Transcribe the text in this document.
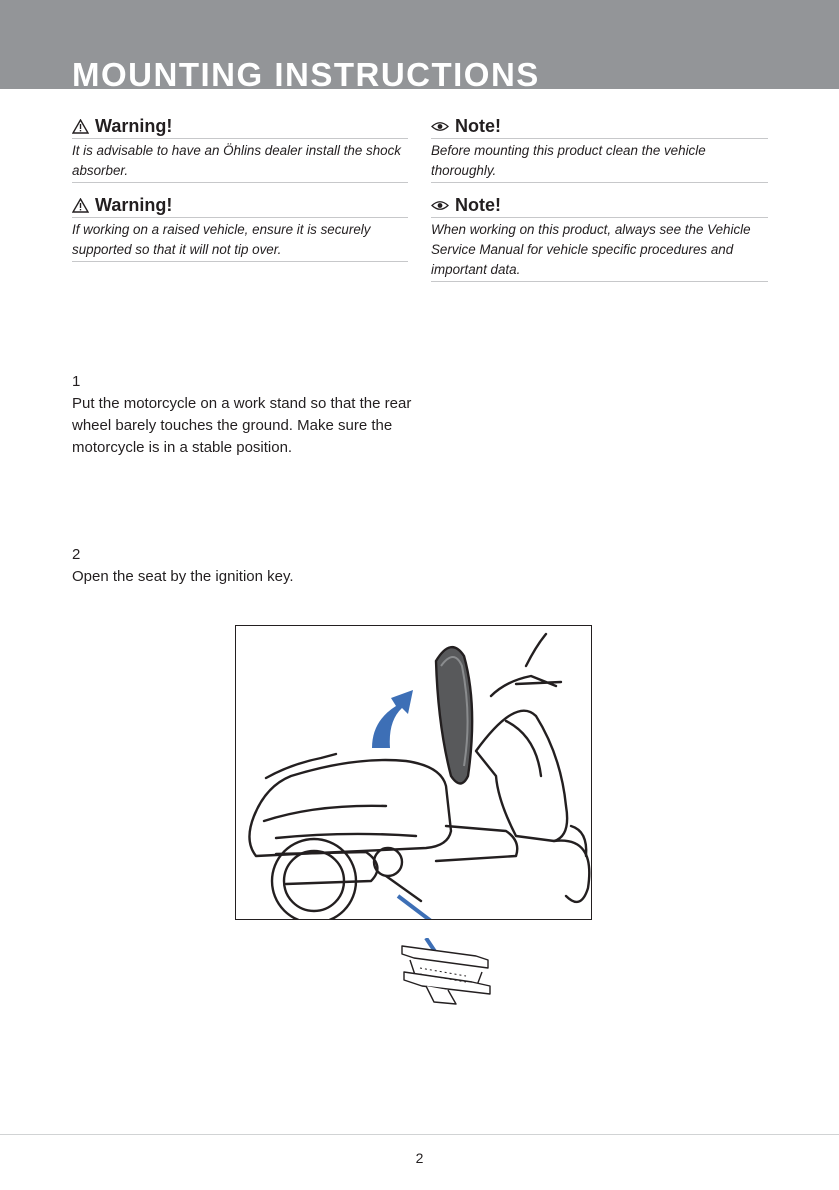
MOUNTING INSTRUCTIONS
Warning!
It is advisable to have an Öhlins dealer install the shock absorber.
Warning!
If working on a raised vehicle, ensure it is securely supported so that it will not tip over.
Note!
Before mounting this product clean the vehicle thoroughly.
Note!
When working on this product, always see the Vehicle Service Manual for vehicle specific procedures and important data.
1
Put the motorcycle on a work stand so that the rear wheel barely touches the ground. Make sure the motorcycle is in a stable position.
2
Open the seat by the ignition key.
2
